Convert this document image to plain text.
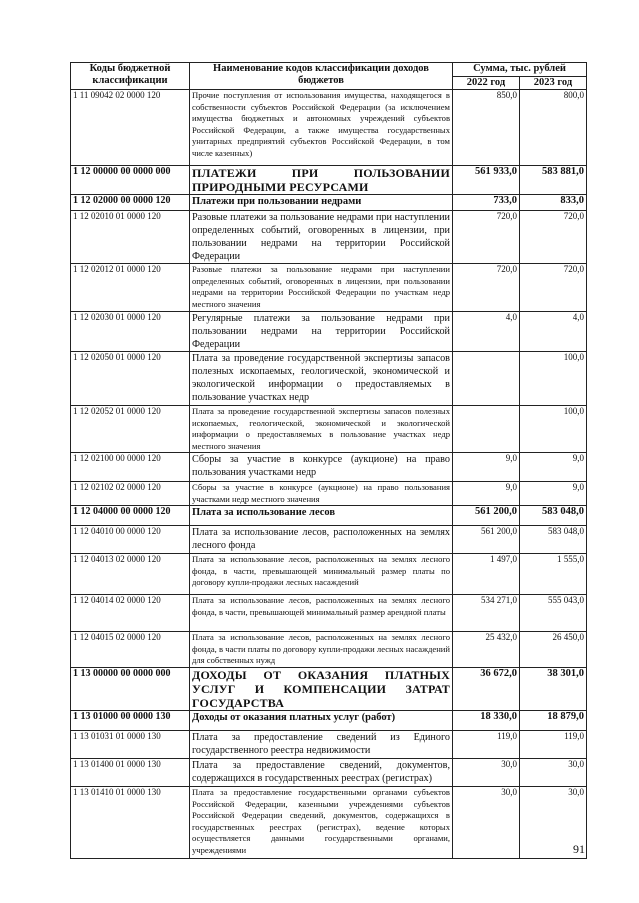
Коды бюджетной классификации	Наименование кодов классификации доходов бюджетов	Сумма, тыс. рублей	
		2022 год	2023 год
1 11 09042 02 0000 120	Прочие поступления от использования имущества, находящегося в собственности субъектов Российской Федерации (за исключением имущества бюджетных и автономных учреждений субъектов Российской Федерации, а также имущества государственных унитарных предприятий субъектов Российской Федерации, в том числе казенных)	850,0	800,0
1 12 00000 00 0000 000	ПЛАТЕЖИ ПРИ ПОЛЬЗОВАНИИ ПРИРОДНЫМИ РЕСУРСАМИ	561 933,0	583 881,0
1 12 02000 00 0000 120	Платежи при пользовании недрами	733,0	833,0
1 12 02010 01 0000 120	Разовые платежи за пользование недрами при наступлении определенных событий, оговоренных в лицензии, при пользовании недрами на территории Российской Федерации	720,0	720,0
1 12 02012 01 0000 120	Разовые платежи за пользование недрами при наступлении определенных событий, оговоренных в лицензии, при пользовании недрами на территории Российской Федерации по участкам недр местного значения	720,0	720,0
1 12 02030 01 0000 120	Регулярные платежи за пользование недрами при пользовании недрами на территории Российской Федерации	4,0	4,0
1 12 02050 01 0000 120	Плата за проведение государственной экспертизы запасов полезных ископаемых, геологической, экономической и экологической информации о предоставляемых в пользование участках недр		100,0
1 12 02052 01 0000 120	Плата за проведение государственной экспертизы запасов полезных ископаемых, геологической, экономической и экологической информации о предоставляемых в пользование участках недр местного значения		100,0
1 12 02100 00 0000 120	Сборы за участие в конкурсе (аукционе) на право пользования участками недр	9,0	9,0
1 12 02102 02 0000 120	Сборы за участие в конкурсе (аукционе) на право пользования участками недр местного значения	9,0	9,0
1 12 04000 00 0000 120	Плата за использование лесов	561 200,0	583 048,0
1 12 04010 00 0000 120	Плата за использование лесов, расположенных на землях лесного фонда	561 200,0	583 048,0
1 12 04013 02 0000 120	Плата за использование лесов, расположенных на землях лесного фонда, в части, превышающей минимальный размер платы по договору купли-продажи лесных насаждений	1 497,0	1 555,0
1 12 04014 02 0000 120	Плата за использование лесов, расположенных на землях лесного фонда, в части, превышающей минимальный размер арендной платы	534 271,0	555 043,0
1 12 04015 02 0000 120	Плата за использование лесов, расположенных на землях лесного фонда, в части платы по договору купли-продажи лесных насаждений для собственных нужд	25 432,0	26 450,0
1 13 00000 00 0000 000	ДОХОДЫ ОТ ОКАЗАНИЯ ПЛАТНЫХ УСЛУГ И КОМПЕНСАЦИИ ЗАТРАТ ГОСУДАРСТВА	36 672,0	38 301,0
1 13 01000 00 0000 130	Доходы от оказания платных услуг (работ)	18 330,0	18 879,0
1 13 01031 01 0000 130	Плата за предоставление сведений из Единого государственного реестра недвижимости	119,0	119,0
1 13 01400 01 0000 130	Плата за предоставление сведений, документов, содержащихся в государственных реестрах (регистрах)	30,0	30,0
1 13 01410 01 0000 130	Плата за предоставление государственными органами субъектов Российской Федерации, казенными учреждениями субъектов Российской Федерации сведений, документов, содержащихся в государственных реестрах (регистрах), ведение которых осуществляется данными государственными органами, учреждениями	30,0	30,0
91
